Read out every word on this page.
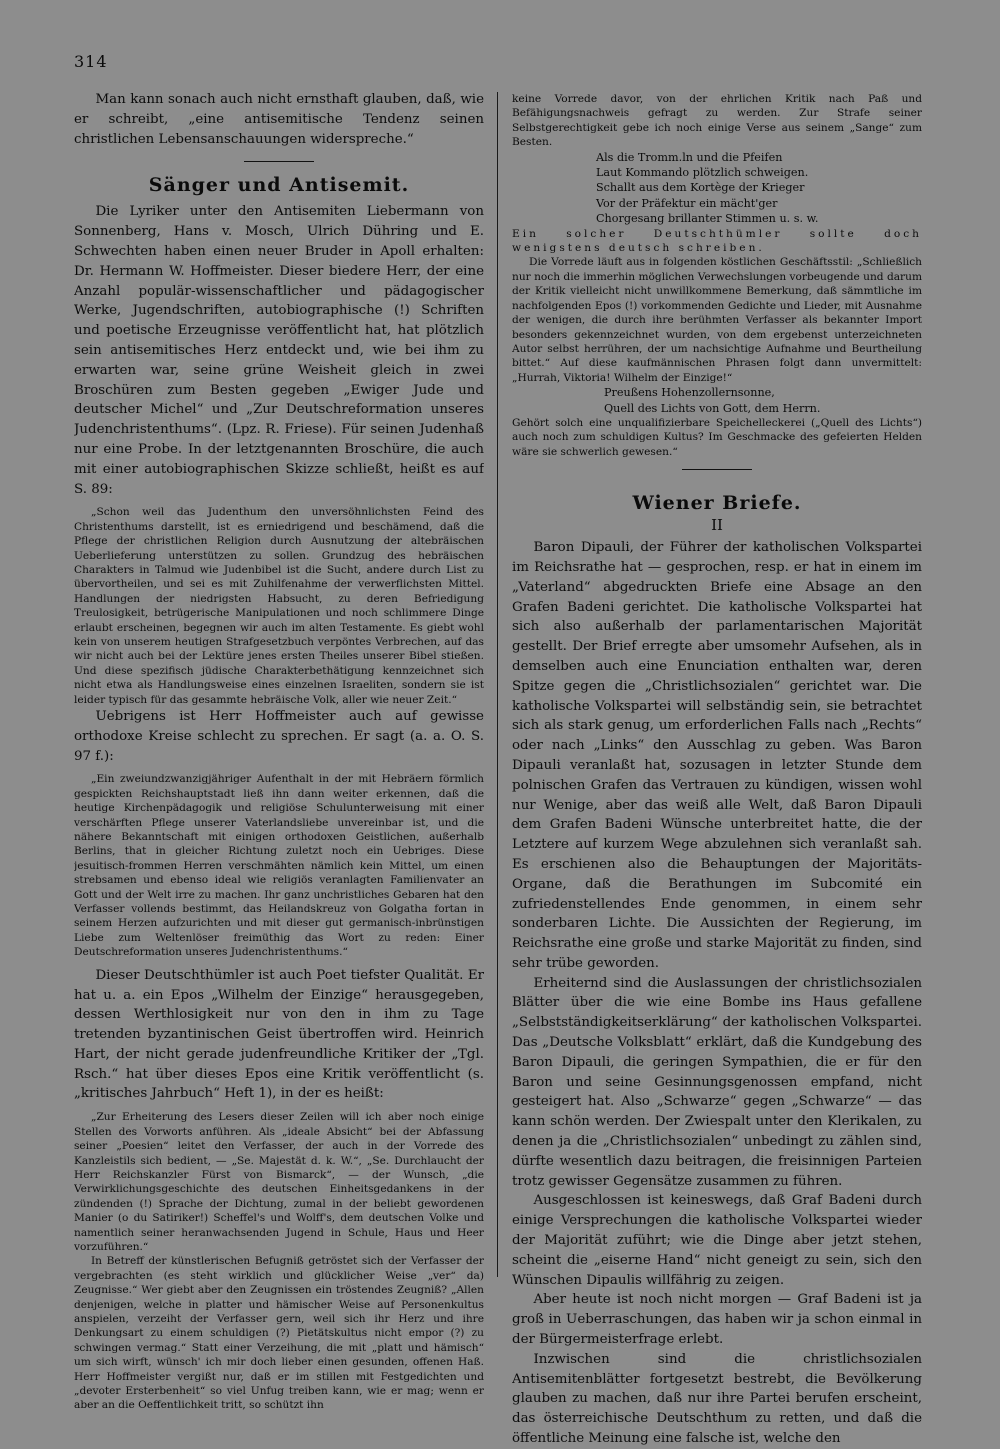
314

Man kann sonach auch nicht ernsthaft glauben, daß, wie er schreibt, „eine antisemitische Tendenz seinen christlichen Lebensanschauungen widerspreche.“

Sänger und Antisemit.

Die Lyriker unter den Antisemiten Liebermann von Sonnenberg, Hans v. Mosch, Ulrich Dühring und E. Schwechten haben einen neuer Bruder in Apoll erhalten: Dr. Hermann W. Hoffmeister. Dieser biedere Herr, der eine Anzahl populär-wissenschaftlicher und pädagogischer Werke, Jugendschriften, autobiographische (!) Schriften und poetische Erzeugnisse veröffentlicht hat, hat plötzlich sein antisemitisches Herz entdeckt und, wie bei ihm zu erwarten war, seine grüne Weisheit gleich in zwei Broschüren zum Besten gegeben „Ewiger Jude und deutscher Michel“ und „Zur Deutschreformation unseres Judenchristenthums“. (Lpz. R. Friese). Für seinen Judenhaß nur eine Probe. In der letztgenannten Broschüre, die auch mit einer autobiographischen Skizze schließt, heißt es auf S. 89:

„Schon weil das Judenthum den unversöhnlichsten Feind des Christenthums darstellt, ist es erniedrigend und beschämend, daß die Pflege der christlichen Religion durch Ausnutzung der altebräischen Ueberlieferung unterstützen zu sollen. Grundzug des hebräischen Charakters in Talmud wie Judenbibel ist die Sucht, andere durch List zu übervortheilen, und sei es mit Zuhilfenahme der verwerflichsten Mittel. Handlungen der niedrigsten Habsucht, zu deren Befriedigung Treulosigkeit, betrügerische Manipulationen und noch schlimmere Dinge erlaubt erscheinen, begegnen wir auch im alten Testamente. Es giebt wohl kein von unserem heutigen Strafgesetzbuch verpöntes Verbrechen, auf das wir nicht auch bei der Lektüre jenes ersten Theiles unserer Bibel stießen. Und diese spezifisch jüdische Charakterbethätigung kennzeichnet sich nicht etwa als Handlungsweise eines einzelnen Israeliten, sondern sie ist leider typisch für das gesammte hebräische Volk, aller wie neuer Zeit.“

Uebrigens ist Herr Hoffmeister auch auf gewisse orthodoxe Kreise schlecht zu sprechen. Er sagt (a. a. O. S. 97 f.):

„Ein zweiundzwanzigjähriger Aufenthalt in der mit Hebräern förmlich gespickten Reichshauptstadt ließ ihn dann weiter erkennen, daß die heutige Kirchenpädagogik und religiöse Schulunterweisung mit einer verschärften Pflege unserer Vaterlandsliebe unvereinbar ist, und die nähere Bekanntschaft mit einigen orthodoxen Geistlichen, außerhalb Berlins, that in gleicher Richtung zuletzt noch ein Uebriges. Diese jesuitisch-frommen Herren verschmähten nämlich kein Mittel, um einen strebsamen und ebenso ideal wie religiös veranlagten Familienvater an Gott und der Welt irre zu machen. Ihr ganz unchristliches Gebaren hat den Verfasser vollends bestimmt, das Heilandskreuz von Golgatha fortan in seinem Herzen aufzurichten und mit dieser gut germanisch-inbrünstigen Liebe zum Weltenlöser freimüthig das Wort zu reden: Einer Deutschreformation unseres Judenchristenthums.“

Dieser Deutschthümler ist auch Poet tiefster Qualität. Er hat u. a. ein Epos „Wilhelm der Einzige“ herausgegeben, dessen Werthlosigkeit nur von den in ihm zu Tage tretenden byzantinischen Geist übertroffen wird. Heinrich Hart, der nicht gerade judenfreundliche Kritiker der „Tgl. Rsch.“ hat über dieses Epos eine Kritik veröffentlicht (s. „kritisches Jahrbuch“ Heft 1), in der es heißt:

„Zur Erheiterung des Lesers dieser Zeilen will ich aber noch einige Stellen des Vorworts anführen. Als „ideale Absicht“ bei der Abfassung seiner „Poesien“ leitet den Verfasser, der auch in der Vorrede des Kanzleistils sich bedient, — „Se. Majestät d. k. W.“, „Se. Durchlaucht der Herr Reichskanzler Fürst von Bismarck“, — der Wunsch, „die Verwirklichungsgeschichte des deutschen Einheitsgedankens in der zündenden (!) Sprache der Dichtung, zumal in der beliebt gewordenen Manier (o du Satiriker!) Scheffel's und Wolff's, dem deutschen Volke und namentlich seiner heranwachsenden Jugend in Schule, Haus und Heer vorzuführen.“

In Betreff der künstlerischen Befugniß getröstet sich der Verfasser der vergebrachten (es steht wirklich und glücklicher Weise „ver“ da) Zeugnisse.“ Wer giebt aber den Zeugnissen ein tröstendes Zeugniß? „Allen denjenigen, welche in platter und hämischer Weise auf Personenkultus anspielen, verzeiht der Verfasser gern, weil sich ihr Herz und ihre Denkungsart zu einem schuldigen (?) Pietätskultus nicht empor (?) zu schwingen vermag.“ Statt einer Verzeihung, die mit „platt und hämisch“ um sich wirft, wünsch' ich mir doch lieber einen gesunden, offenen Haß. Herr Hoffmeister vergißt nur, daß er im stillen mit Festgedichten und „devoter Ersterbenheit“ so viel Unfug treiben kann, wie er mag; wenn er aber an die Oeffentlichkeit tritt, so schützt ihn

keine Vorrede davor, von der ehrlichen Kritik nach Paß und Befähigungsnachweis gefragt zu werden. Zur Strafe seiner Selbstgerechtigkeit gebe ich noch einige Verse aus seinem „Sange“ zum Besten.

Als die Tromm.ln und die Pfeifen
Laut Kommando plötzlich schweigen.
Schallt aus dem Kortège der Krieger
Vor der Präfektur ein mächt'ger
Chorgesang brillanter Stimmen u. s. w.

Ein solcher Deutschthümler sollte doch wenigstens deutsch schreiben.

Die Vorrede läuft aus in folgenden köstlichen Geschäftsstil: „Schließlich nur noch die immerhin möglichen Verwechslungen vorbeugende und darum der Kritik vielleicht nicht unwillkommene Bemerkung, daß sämmtliche im nachfolgenden Epos (!) vorkommenden Gedichte und Lieder, mit Ausnahme der wenigen, die durch ihre berühmten Verfasser als bekannter Import besonders gekennzeichnet wurden, von dem ergebenst unterzeichneten Autor selbst herrühren, der um nachsichtige Aufnahme und Beurtheilung bittet.“ Auf diese kaufmännischen Phrasen folgt dann unvermittelt: „Hurrah, Viktoria! Wilhelm der Einzige!“

Preußens Hohenzollernsonne,
Quell des Lichts von Gott, dem Herrn.

Gehört solch eine unqualifizierbare Speichelleckerei („Quell des Lichts“) auch noch zum schuldigen Kultus? Im Geschmacke des gefeierten Helden wäre sie schwerlich gewesen.“

Wiener Briefe.
II

Baron Dipauli, der Führer der katholischen Volkspartei im Reichsrathe hat — gesprochen, resp. er hat in einem im „Vaterland“ abgedruckten Briefe eine Absage an den Grafen Badeni gerichtet. Die katholische Volkspartei hat sich also außerhalb der parlamentarischen Majorität gestellt. Der Brief erregte aber umsomehr Aufsehen, als in demselben auch eine Enunciation enthalten war, deren Spitze gegen die „Christlichsozialen“ gerichtet war. Die katholische Volkspartei will selbständig sein, sie betrachtet sich als stark genug, um erforderlichen Falls nach „Rechts“ oder nach „Links“ den Ausschlag zu geben. Was Baron Dipauli veranlaßt hat, sozusagen in letzter Stunde dem polnischen Grafen das Vertrauen zu kündigen, wissen wohl nur Wenige, aber das weiß alle Welt, daß Baron Dipauli dem Grafen Badeni Wünsche unterbreitet hatte, die der Letztere auf kurzem Wege abzulehnen sich veranlaßt sah. Es erschienen also die Behauptungen der Majoritäts-Organe, daß die Berathungen im Subcomité ein zufriedenstellendes Ende genommen, in einem sehr sonderbaren Lichte. Die Aussichten der Regierung, im Reichsrathe eine große und starke Majorität zu finden, sind sehr trübe geworden.

Erheiternd sind die Auslassungen der christlichsozialen Blätter über die wie eine Bombe ins Haus gefallene „Selbstständigkeitserklärung“ der katholischen Volkspartei. Das „Deutsche Volksblatt“ erklärt, daß die Kundgebung des Baron Dipauli, die geringen Sympathien, die er für den Baron und seine Gesinnungsgenossen empfand, nicht gesteigert hat. Also „Schwarze“ gegen „Schwarze“ — das kann schön werden. Der Zwiespalt unter den Klerikalen, zu denen ja die „Christlichsozialen“ unbedingt zu zählen sind, dürfte wesentlich dazu beitragen, die freisinnigen Parteien trotz gewisser Gegensätze zusammen zu führen.

Ausgeschlossen ist keineswegs, daß Graf Badeni durch einige Versprechungen die katholische Volkspartei wieder der Majorität zuführt; wie die Dinge aber jetzt stehen, scheint die „eiserne Hand“ nicht geneigt zu sein, sich den Wünschen Dipaulis willfährig zu zeigen.

Aber heute ist noch nicht morgen — Graf Badeni ist ja groß in Ueberraschungen, das haben wir ja schon einmal in der Bürgermeisterfrage erlebt.

Inzwischen sind die christlichsozialen Antisemitenblätter fortgesetzt bestrebt, die Bevölkerung glauben zu machen, daß nur ihre Partei berufen erscheint, das österreichische Deutschthum zu retten, und daß die öffentliche Meinung eine falsche ist, welche den
